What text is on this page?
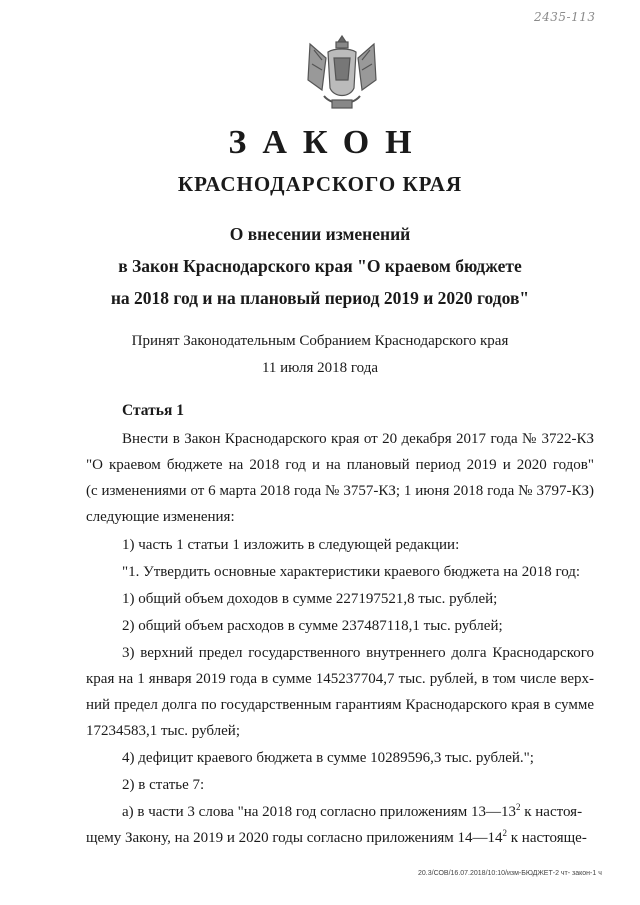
2435-113
ЗАКОН
КРАСНОДАРСКОГО КРАЯ
О внесении изменений
в Закон Краснодарского края "О краевом бюджете
на 2018 год и на плановый период 2019 и 2020 годов"
Принят Законодательным Собранием Краснодарского края
11 июля 2018 года
Статья 1
Внести в Закон Краснодарского края от 20 декабря 2017 года № 3722-КЗ
"О краевом бюджете на 2018 год и на плановый период 2019 и 2020 годов"
(с изменениями от 6 марта 2018 года № 3757-КЗ; 1 июня 2018 года № 3797-КЗ)
следующие изменения:
1) часть 1 статьи 1 изложить в следующей редакции:
"1. Утвердить основные характеристики краевого бюджета на 2018 год:
1) общий объем доходов в сумме 227197521,8 тыс. рублей;
2) общий объем расходов в сумме 237487118,1 тыс. рублей;
3) верхний предел государственного внутреннего долга Краснодарского
края на 1 января 2019 года в сумме 145237704,7 тыс. рублей, в том числе верх-
ний предел долга по государственным гарантиям Краснодарского края в сумме
17234583,1 тыс. рублей;
4) дефицит краевого бюджета в сумме 10289596,3 тыс. рублей.";
2) в статье 7:
а) в части 3 слова "на 2018 год согласно приложениям $13—13^2$ к настоя-
щему Закону, на 2019 и 2020 годы согласно приложениям $14—14^2$ к настояще-
20.3/СОВ/16.07.2018/10:10/изм-БЮДЖЕТ-2 чт- закон-1 ч
